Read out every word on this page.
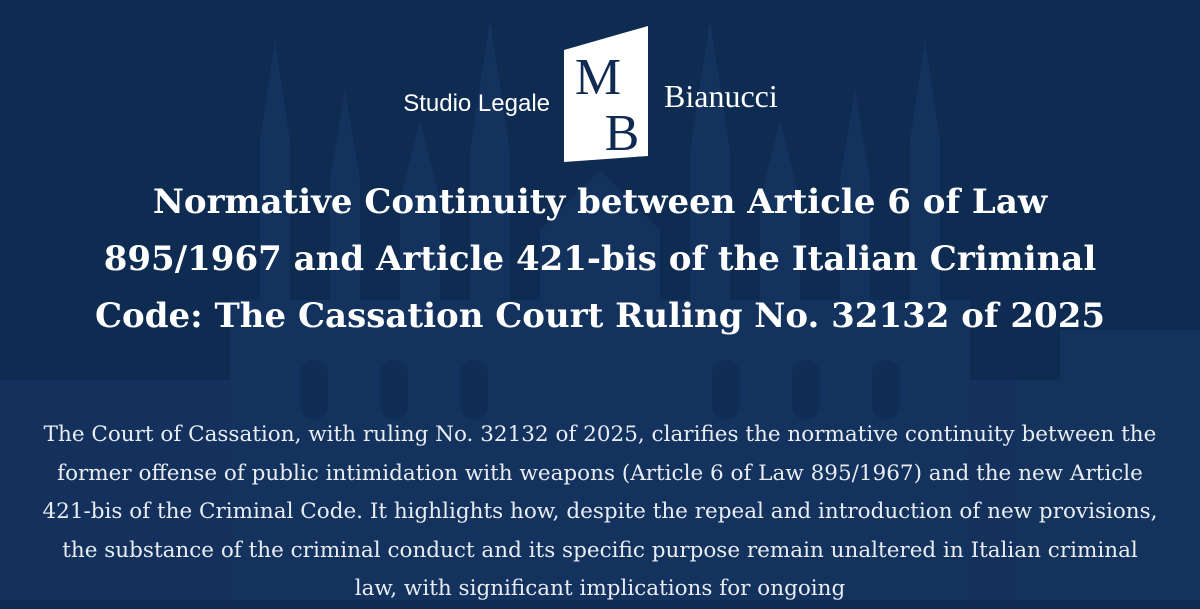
Studio Legale M
B
Bianucci
Normative Continuity between Article 6 of Law 895/1967 and Article 421-bis of the Italian Criminal Code: The Cassation Court Ruling No. 32132 of 2025

The Court of Cassation, with ruling No. 32132 of 2025, clarifies the normative continuity between the former offense of public intimidation with weapons (Article 6 of Law 895/1967) and the new Article 421-bis of the Criminal Code. It highlights how, despite the repeal and introduction of new provisions, the substance of the criminal conduct and its specific purpose remain unaltered in Italian criminal law, with significant implications for ongoing
